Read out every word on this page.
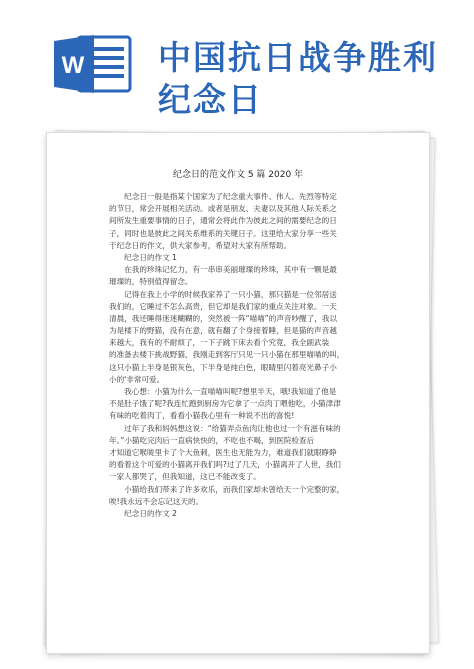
W 中国抗日战争胜利
纪念日
纪念日的范文作文 5 篇 2020 年
　　纪念日一般是指某个国家为了纪念重大事件、伟人、先烈等特定
的节日，常会开展相关活动。或者是朋友、夫妻以及其他人际关系之
间所发生重要事情的日子，通常会将此作为彼此之间的需要纪念的日
子，同时也是彼此之间关系维系的关键日子。这里给大家分享一些关
于纪念日的作文，供大家参考，希望对大家有所帮助。
　　纪念日的作文 1
　　在我的珍珠记忆力，有一串串美丽璀璨的珍珠，其中有一颗是最
璀璨的，特别值得留念。
　　记得在我上小学的时候我家养了一只小猫，那只猫是一位邻居送
我们的，它睡过不怎么高贵，但它却是我们家的重点关注对象。一天
清晨，我还睡得迷迷糊糊的，突然被一阵“喵喵”的声音吵醒了，我以
为是楼下的野猫，没有在意，就有翻了个身接着睡，但是猫的声音越
来越大，我有的不耐烦了，一下子跳下床去看个究竟，我全副武装
的准备去楼下挑战野猫，我刚走到客厅只见一只小猫在那里喵喵的叫，
这只小猫上半身是银灰色，下半身是纯白色，眼睛里闪着亮光鼻子小
小的'非常可爱。
　　我心想：小猫为什么一直喵喵叫呢?想里半天，哦!我知道了他是
不是肚子饿了呢?我连忙跑到厨房为它拿了一点肉丁喂他吃，小猫津津
有味的吃着肉丁，看看小猫我心里有一种说不出的喜悦!
　　过年了我和妈妈想这说：“给猫弄点鱼肉让他也过一个有滋有味的
年。”小猫吃完肉后一直病快快的，不吃也不喝，到医院检查后
才知道它喉咙里卡了个大鱼刺，医生也无能为力，难道我们就眼睁睁
的看着这个可爱的小猫离开我们吗?过了几天，小猫离开了人世，我们
一家人都哭了，但我知道，这已不能改变了。
　　小猫给我们带来了许多欢乐，而我们家却未曾给天一个完整的家，
唉!我永远不会忘记这天的。
　　纪念日的作文 2
